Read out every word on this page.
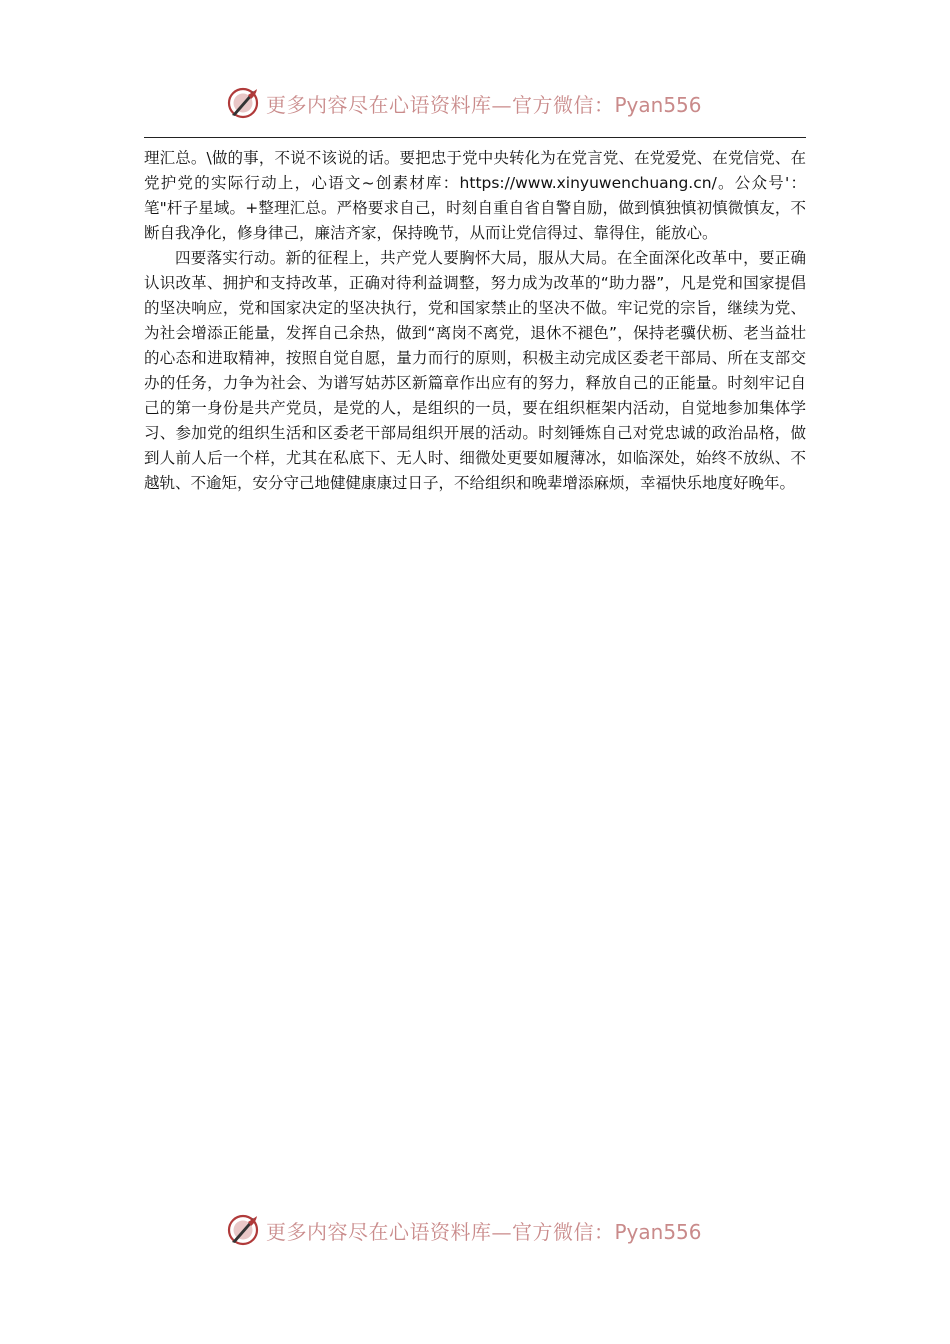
更多内容尽在心语资料库—官方微信：Pyan556

理汇总。\做的事，不说不该说的话。要把忠于党中央转化为在党言党、在党爱党、在党信党、在党护党的实际行动上，心语文~创素材库：https://www.xinyuwenchuang.cn/。公众号'：笔"杆子星域。+整理汇总。严格要求自己，时刻自重自省自警自励，做到慎独慎初慎微慎友，不断自我净化，修身律己，廉洁齐家，保持晚节，从而让党信得过、靠得住，能放心。

四要落实行动。新的征程上，共产党人要胸怀大局，服从大局。在全面深化改革中，要正确认识改革、拥护和支持改革，正确对待利益调整，努力成为改革的“助力器”，凡是党和国家提倡的坚决响应，党和国家决定的坚决执行，党和国家禁止的坚决不做。牢记党的宗旨，继续为党、为社会增添正能量，发挥自己余热，做到“离岗不离党，退休不褪色”，保持老骥伏枥、老当益壮的心态和进取精神，按照自觉自愿，量力而行的原则，积极主动完成区委老干部局、所在支部交办的任务，力争为社会、为谱写姑苏区新篇章作出应有的努力，释放自己的正能量。时刻牢记自己的第一身份是共产党员，是党的人，是组织的一员，要在组织框架内活动，自觉地参加集体学习、参加党的组织生活和区委老干部局组织开展的活动。时刻锤炼自己对党忠诚的政治品格，做到人前人后一个样，尤其在私底下、无人时、细微处更要如履薄冰，如临深处，始终不放纵、不越轨、不逾矩，安分守己地健健康康过日子，不给组织和晚辈增添麻烦，幸福快乐地度好晚年。

更多内容尽在心语资料库—官方微信：Pyan556
